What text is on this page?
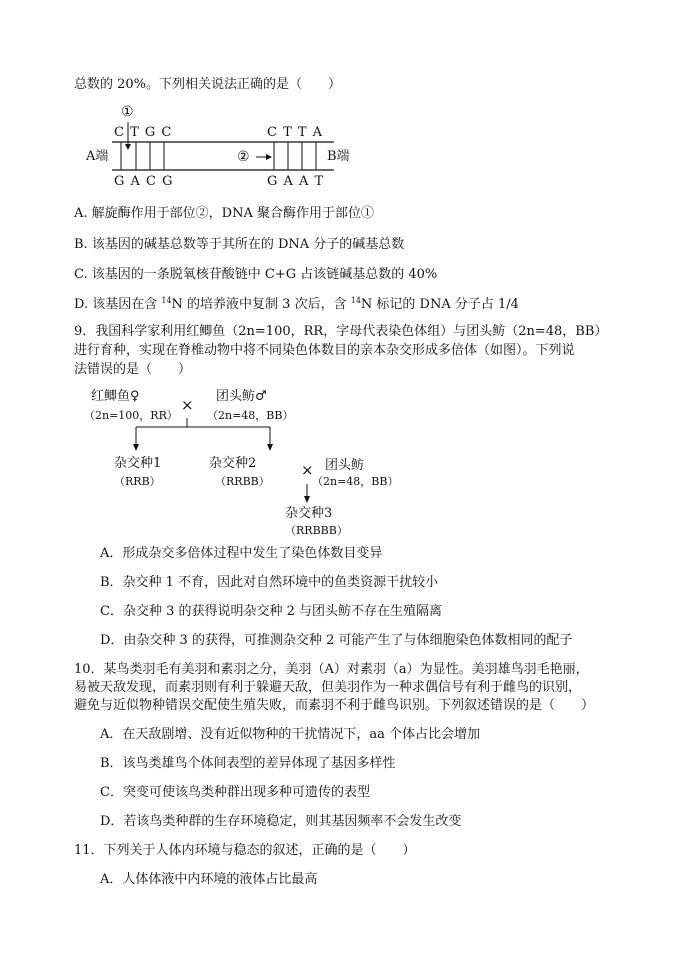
总数的 20%。下列相关说法正确的是（　　）
①
C T G C	C T T A
A端	②	B端
G A C G	G A A T
A. 解旋酶作用于部位②，DNA 聚合酶作用于部位①
B. 该基因的碱基总数等于其所在的 DNA 分子的碱基总数
C. 该基因的一条脱氧核苷酸链中 C+G 占该链碱基总数的 40%
D. 该基因在含 $^{14}$N 的培养液中复制 3 次后，含 $^{14}$N 标记的 DNA 分子占 1/4
9．我国科学家利用红鲫鱼（2n=100，RR，字母代表染色体组）与团头鲂（2n=48，BB）
进行育种，实现在脊椎动物中将不同染色体数目的亲本杂交形成多倍体（如图）。下列说
法错误的是（　　）
红鲫鱼♀
（2n=100，RR）
× 团头鲂♂
（2n=48，BB）
杂交种1
（RRB）
杂交种2
（RRBB）
× 团头鲂
（2n=48，BB）
杂交种3
（RRBBB）
A．形成杂交多倍体过程中发生了染色体数目变异
B．杂交种 1 不育，因此对自然环境中的鱼类资源干扰较小
C．杂交种 3 的获得说明杂交种 2 与团头鲂不存在生殖隔离
D．由杂交种 3 的获得，可推测杂交种 2 可能产生了与体细胞染色体数相同的配子
10．某鸟类羽毛有美羽和素羽之分，美羽（A）对素羽（a）为显性。美羽雄鸟羽毛艳丽，
易被天敌发现，而素羽则有利于躲避天敌，但美羽作为一种求偶信号有利于雌鸟的识别，
避免与近似物种错误交配使生殖失败，而素羽不利于雌鸟识别。下列叙述错误的是（　　）
A．在天敌剧增、没有近似物种的干扰情况下，aa 个体占比会增加
B．该鸟类雄鸟个体间表型的差异体现了基因多样性
C．突变可使该鸟类种群出现多种可遗传的表型
D．若该鸟类种群的生存环境稳定，则其基因频率不会发生改变
11．下列关于人体内环境与稳态的叙述，正确的是（　　）
A．人体体液中内环境的液体占比最高
